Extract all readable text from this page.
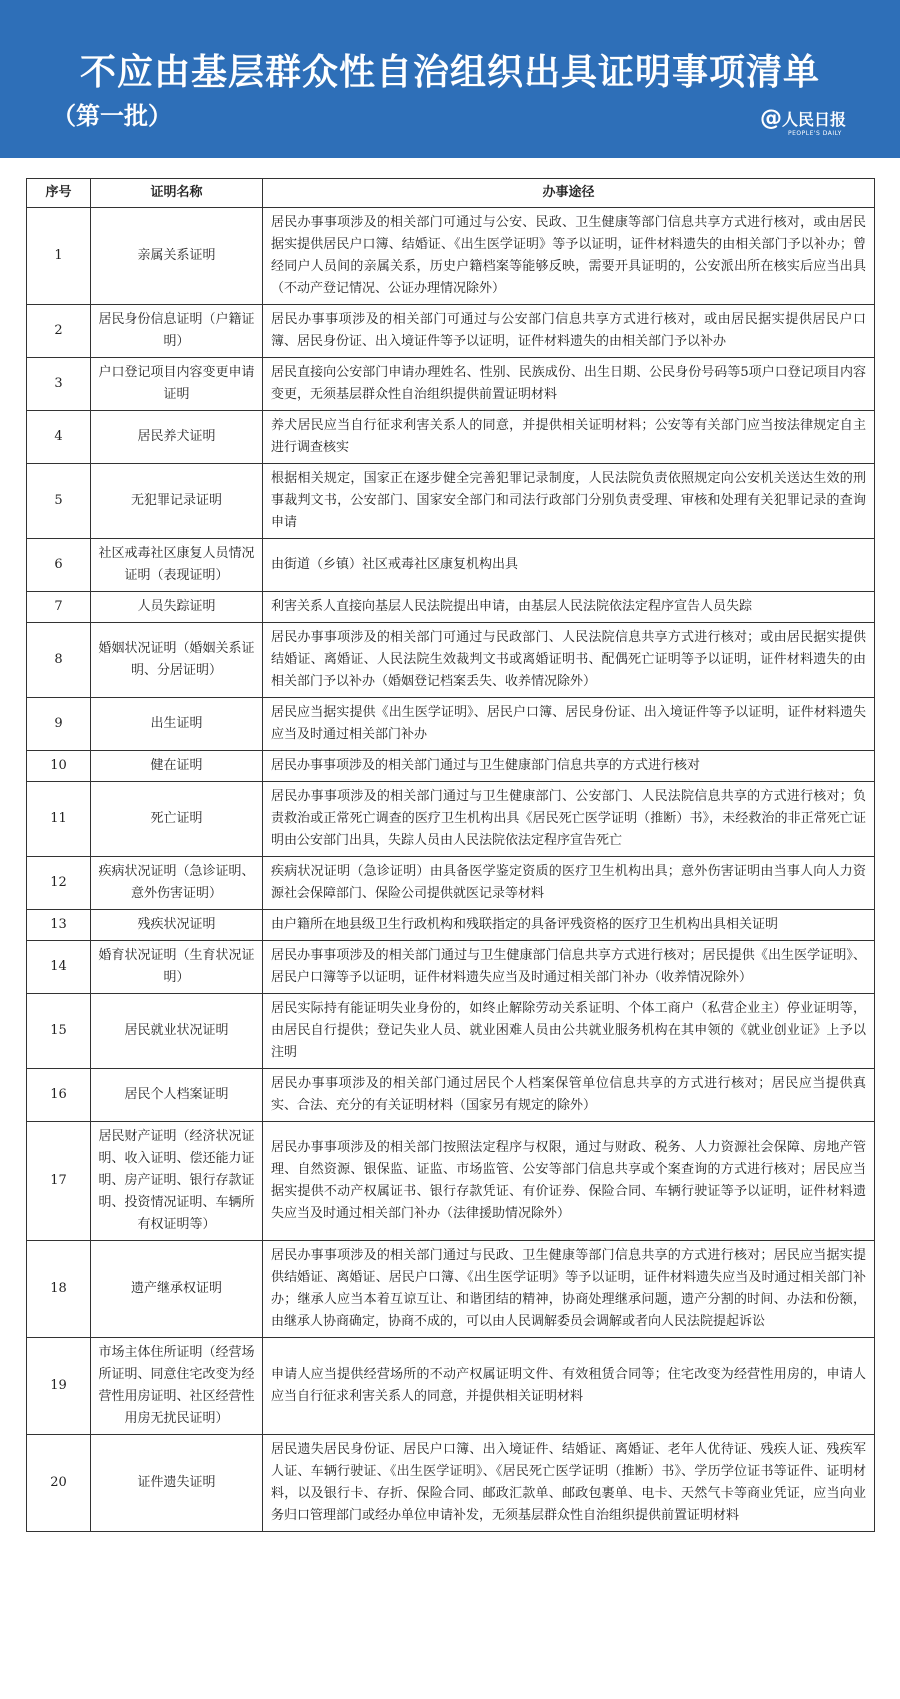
不应由基层群众性自治组织出具证明事项清单
（第一批）	@人民日报
PEOPLE'S DAILY
序号	证明名称	办事途径
1	亲属关系证明	居民办事事项涉及的相关部门可通过与公安、民政、卫生健康等部门信息共享方式进行核对，或由居民据实提供居民户口簿、结婚证、《出生医学证明》等予以证明，证件材料遗失的由相关部门予以补办；曾经同户人员间的亲属关系，历史户籍档案等能够反映，需要开具证明的，公安派出所在核实后应当出具（不动产登记情况、公证办理情况除外）
2	居民身份信息证明（户籍证明）	居民办事事项涉及的相关部门可通过与公安部门信息共享方式进行核对，或由居民据实提供居民户口簿、居民身份证、出入境证件等予以证明，证件材料遗失的由相关部门予以补办
3	户口登记项目内容变更申请证明	居民直接向公安部门申请办理姓名、性别、民族成份、出生日期、公民身份号码等5项户口登记项目内容变更，无须基层群众性自治组织提供前置证明材料
4	居民养犬证明	养犬居民应当自行征求利害关系人的同意，并提供相关证明材料；公安等有关部门应当按法律规定自主进行调查核实
5	无犯罪记录证明	根据相关规定，国家正在逐步健全完善犯罪记录制度，人民法院负责依照规定向公安机关送达生效的刑事裁判文书，公安部门、国家安全部门和司法行政部门分别负责受理、审核和处理有关犯罪记录的查询申请
6	社区戒毒社区康复人员情况证明（表现证明）	由街道（乡镇）社区戒毒社区康复机构出具
7	人员失踪证明	利害关系人直接向基层人民法院提出申请，由基层人民法院依法定程序宣告人员失踪
8	婚姻状况证明（婚姻关系证明、分居证明）	居民办事事项涉及的相关部门可通过与民政部门、人民法院信息共享方式进行核对；或由居民据实提供结婚证、离婚证、人民法院生效裁判文书或离婚证明书、配偶死亡证明等予以证明，证件材料遗失的由相关部门予以补办（婚姻登记档案丢失、收养情况除外）
9	出生证明	居民应当据实提供《出生医学证明》、居民户口簿、居民身份证、出入境证件等予以证明，证件材料遗失应当及时通过相关部门补办
10	健在证明	居民办事事项涉及的相关部门通过与卫生健康部门信息共享的方式进行核对
11	死亡证明	居民办事事项涉及的相关部门通过与卫生健康部门、公安部门、人民法院信息共享的方式进行核对；负责救治或正常死亡调查的医疗卫生机构出具《居民死亡医学证明（推断）书》，未经救治的非正常死亡证明由公安部门出具，失踪人员由人民法院依法定程序宣告死亡
12	疾病状况证明（急诊证明、意外伤害证明）	疾病状况证明（急诊证明）由具备医学鉴定资质的医疗卫生机构出具；意外伤害证明由当事人向人力资源社会保障部门、保险公司提供就医记录等材料
13	残疾状况证明	由户籍所在地县级卫生行政机构和残联指定的具备评残资格的医疗卫生机构出具相关证明
14	婚育状况证明（生育状况证明）	居民办事事项涉及的相关部门通过与卫生健康部门信息共享方式进行核对；居民提供《出生医学证明》、居民户口簿等予以证明，证件材料遗失应当及时通过相关部门补办（收养情况除外）
15	居民就业状况证明	居民实际持有能证明失业身份的，如终止解除劳动关系证明、个体工商户（私营企业主）停业证明等，由居民自行提供；登记失业人员、就业困难人员由公共就业服务机构在其申领的《就业创业证》上予以注明
16	居民个人档案证明	居民办事事项涉及的相关部门通过居民个人档案保管单位信息共享的方式进行核对；居民应当提供真实、合法、充分的有关证明材料（国家另有规定的除外）
17	居民财产证明（经济状况证明、收入证明、偿还能力证明、房产证明、银行存款证明、投资情况证明、车辆所有权证明等）	居民办事事项涉及的相关部门按照法定程序与权限，通过与财政、税务、人力资源社会保障、房地产管理、自然资源、银保监、证监、市场监管、公安等部门信息共享或个案查询的方式进行核对；居民应当据实提供不动产权属证书、银行存款凭证、有价证券、保险合同、车辆行驶证等予以证明，证件材料遗失应当及时通过相关部门补办（法律援助情况除外）
18	遗产继承权证明	居民办事事项涉及的相关部门通过与民政、卫生健康等部门信息共享的方式进行核对；居民应当据实提供结婚证、离婚证、居民户口簿、《出生医学证明》等予以证明，证件材料遗失应当及时通过相关部门补办；继承人应当本着互谅互让、和谐团结的精神，协商处理继承问题，遗产分割的时间、办法和份额，由继承人协商确定，协商不成的，可以由人民调解委员会调解或者向人民法院提起诉讼
19	市场主体住所证明（经营场所证明、同意住宅改变为经营性用房证明、社区经营性用房无扰民证明）	申请人应当提供经营场所的不动产权属证明文件、有效租赁合同等；住宅改变为经营性用房的，申请人应当自行征求利害关系人的同意，并提供相关证明材料
20	证件遗失证明	居民遗失居民身份证、居民户口簿、出入境证件、结婚证、离婚证、老年人优待证、残疾人证、残疾军人证、车辆行驶证、《出生医学证明》、《居民死亡医学证明（推断）书》、学历学位证书等证件、证明材料，以及银行卡、存折、保险合同、邮政汇款单、邮政包裹单、电卡、天然气卡等商业凭证，应当向业务归口管理部门或经办单位申请补发，无须基层群众性自治组织提供前置证明材料
